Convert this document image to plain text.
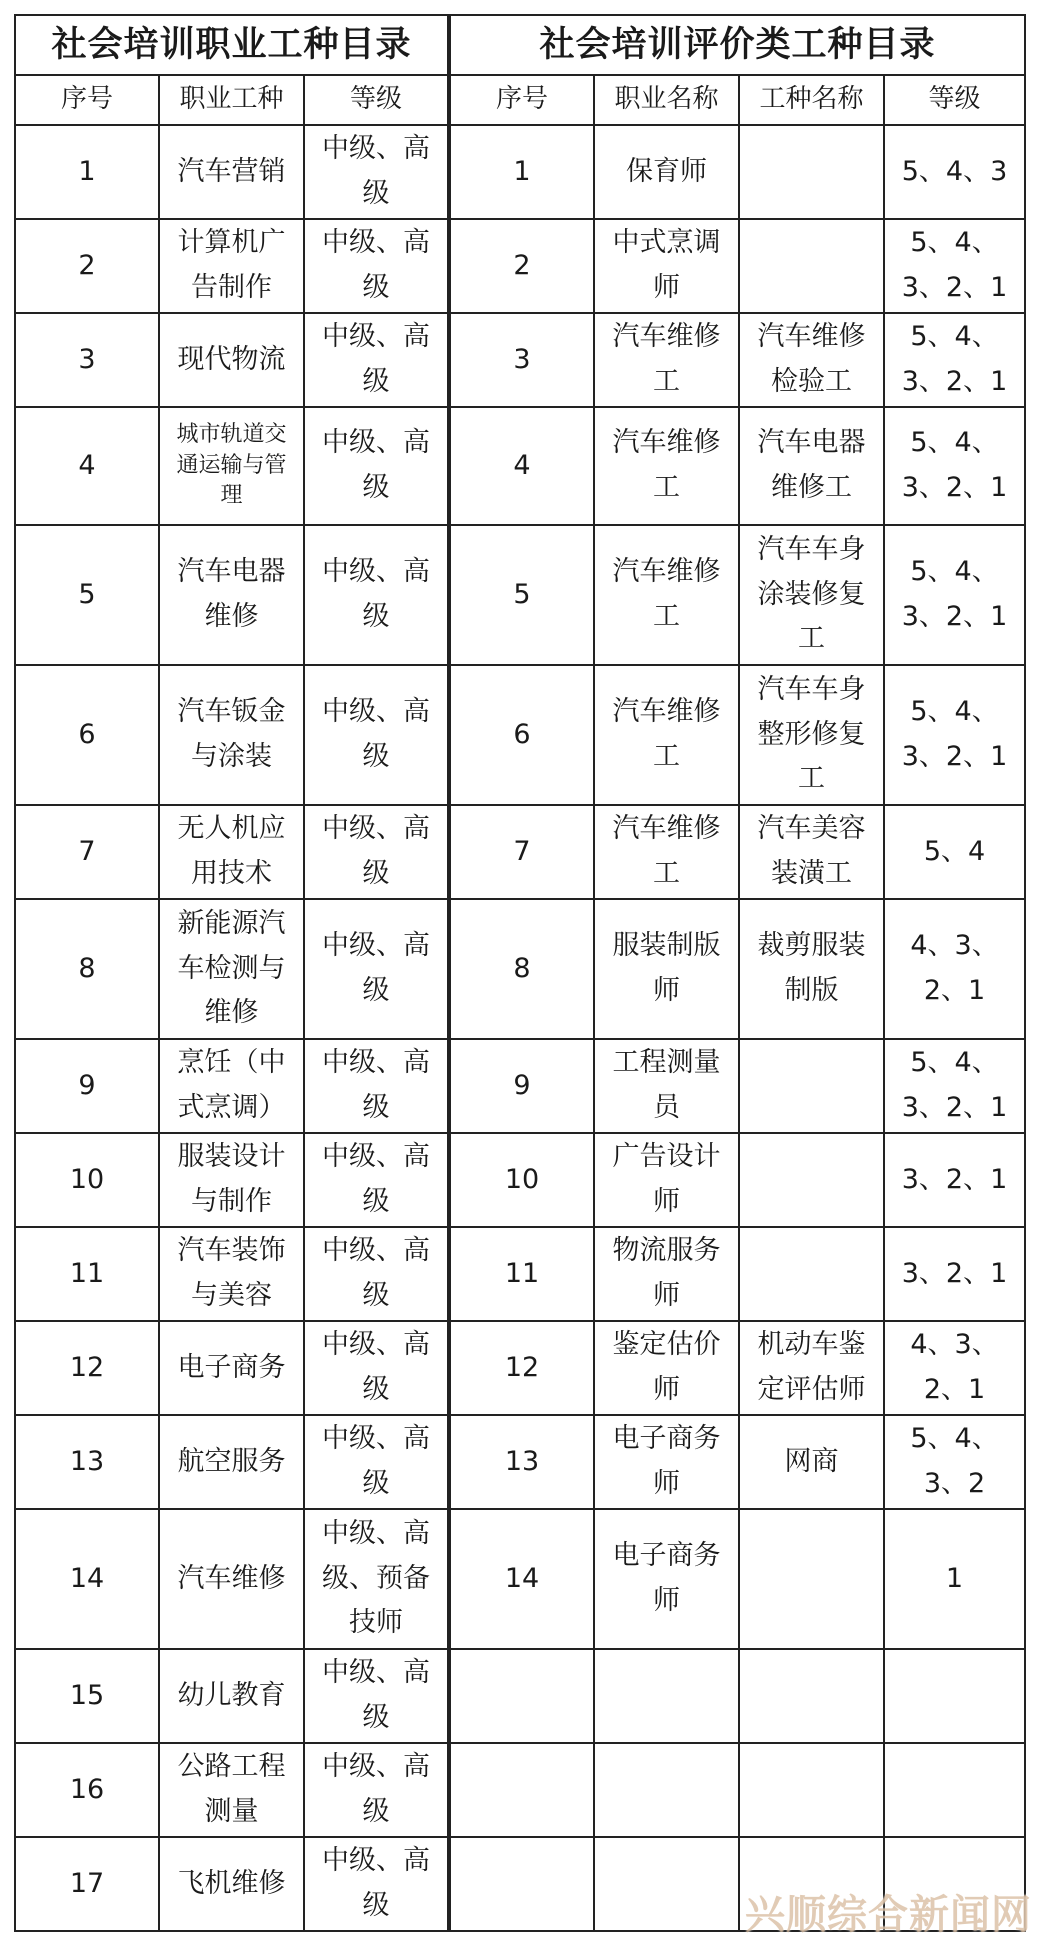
社会培训职业工种目录			社会培训评价类工种目录			
序号	职业工种	等级	序号	职业名称	工种名称	等级
1	汽车营销	中级、高级	1	保育师		5、4、3
2	计算机广告制作	中级、高级	2	中式烹调师		5、4、3、2、1
3	现代物流	中级、高级	3	汽车维修工	汽车维修检验工	5、4、3、2、1
4	城市轨道交通运输与管理	中级、高级	4	汽车维修工	汽车电器维修工	5、4、3、2、1
5	汽车电器维修	中级、高级	5	汽车维修工	汽车车身涂装修复工	5、4、3、2、1
6	汽车钣金与涂装	中级、高级	6	汽车维修工	汽车车身整形修复工	5、4、3、2、1
7	无人机应用技术	中级、高级	7	汽车维修工	汽车美容装潢工	5、4
8	新能源汽车检测与维修	中级、高级	8	服装制版师	裁剪服装制版	4、3、2、1
9	烹饪（中式烹调）	中级、高级	9	工程测量员		5、4、3、2、1
10	服装设计与制作	中级、高级	10	广告设计师		3、2、1
11	汽车装饰与美容	中级、高级	11	物流服务师		3、2、1
12	电子商务	中级、高级	12	鉴定估价师	机动车鉴定评估师	4、3、2、1
13	航空服务	中级、高级	13	电子商务师	网商	5、4、3、2
14	汽车维修	中级、高级、预备技师	14	电子商务师		1
15	幼儿教育	中级、高级				
16	公路工程测量	中级、高级				
17	飞机维修	中级、高级					兴顺综合新闻网
